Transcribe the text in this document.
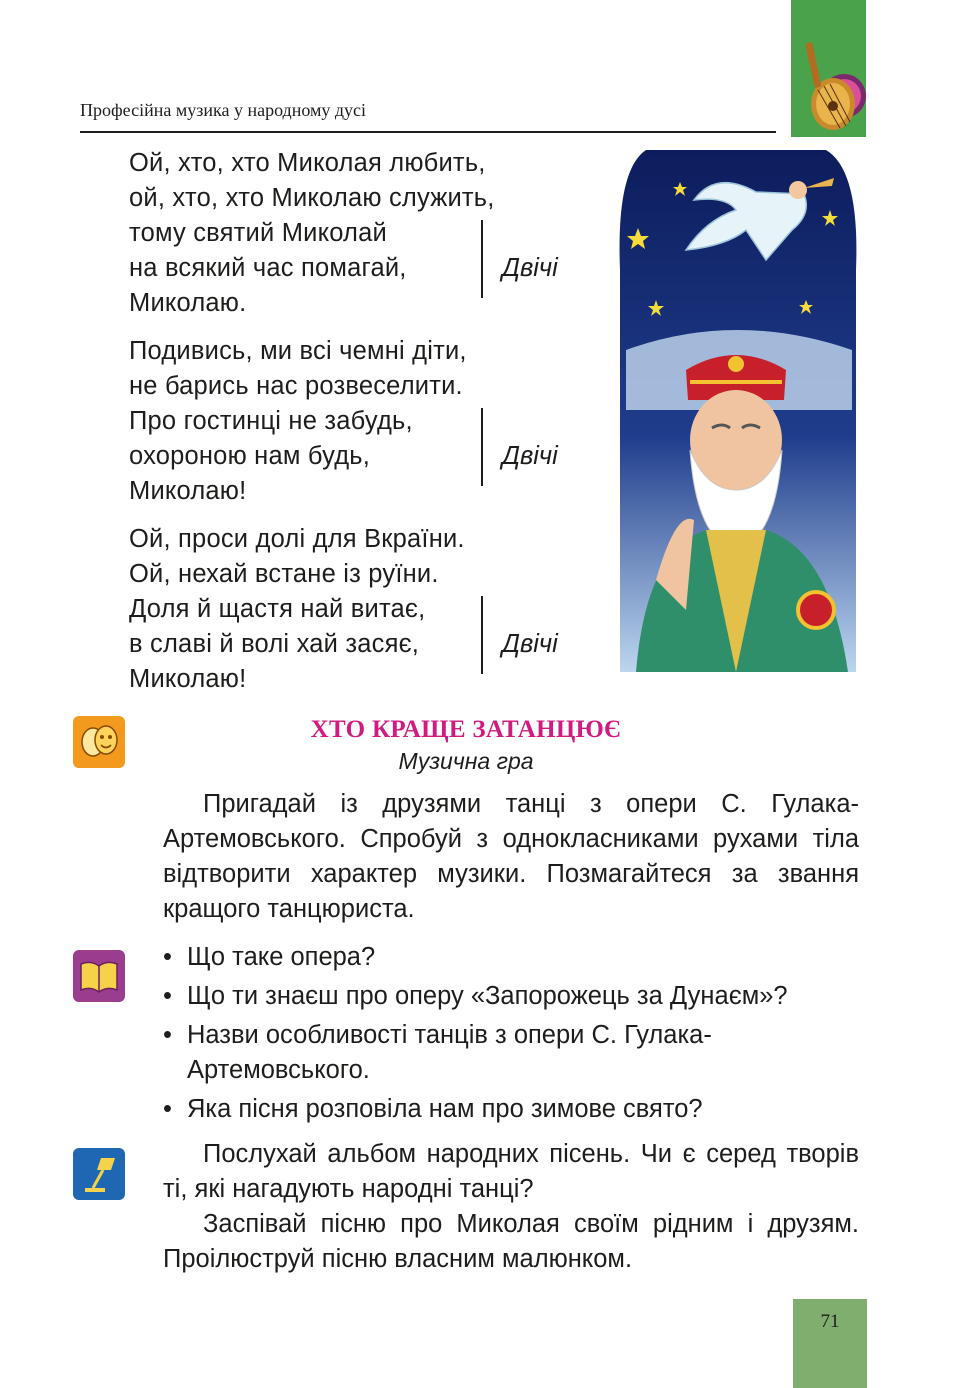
Професійна музика у народному дусі
Ой, хто, хто Миколая любить,
ой, хто, хто Миколаю служить,
тому святий Миколай
на всякий час помагай,	Двічі
Миколаю.
Подивись, ми всі чемні діти,
не барись нас розвеселити.
Про гостинці не забудь,
охороною нам будь,	Двічі
Миколаю!
Ой, проси долі для Вкраїни.
Ой, нехай встане із руїни.
Доля й щастя най витає,
в славі й волі хай засяє,	Двічі
Миколаю!
ХТО КРАЩЕ ЗАТАНЦЮЄ
Музична гра

Пригадай із друзями танці з опери С. Гулака-Артемовського. Спробуй з однокласниками рухами тіла відтворити характер музики. Позмагайтеся за звання кращого танцюриста.

• Що таке опера?
• Що ти знаєш про оперу «Запорожець за Дунаєм»?
• Назви особливості танців з опери С. Гулака-Артемовського.
• Яка пісня розповіла нам про зимове свято?

Послухай альбом народних пісень. Чи є серед творів ті, які нагадують народні танці?

Заспівай пісню про Миколая своїм рідним і друзям. Проілюструй пісню власним малюнком.

71
